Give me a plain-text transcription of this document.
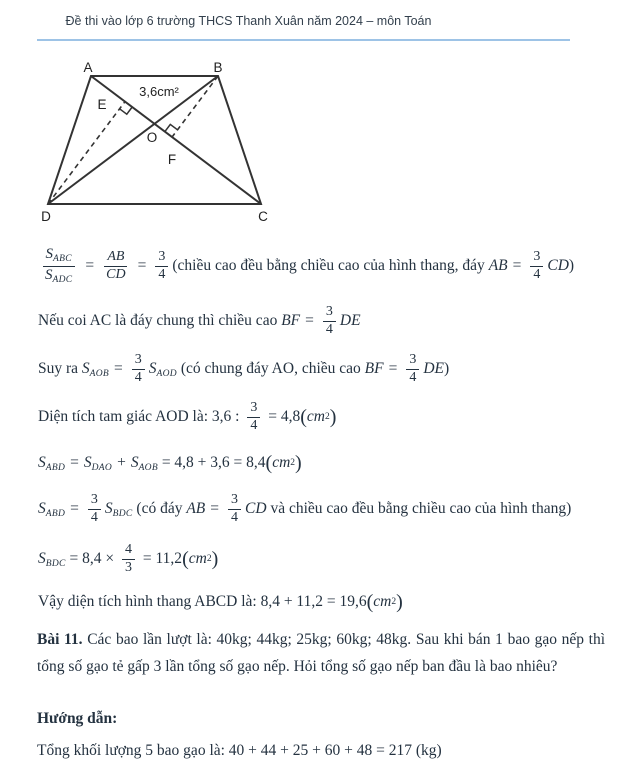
Đề thi vào lớp 6 trường THCS Thanh Xuân năm 2024 – môn Toán
A	B
C
D
O
E
F
3,6cm²
$\frac{S_{ABC}}{S_{ADC}} = \frac{AB}{CD} = \frac{3}{4}$ (chiều cao đều bằng chiều cao của hình thang, đáy AB = $\frac{3}{4}$ CD )
Nếu coi AC là đáy chung thì chiều cao BF = $\frac{3}{4}$ DE
Suy ra $S_{AOB} = \frac{3}{4} S_{AOD}$ (có chung đáy AO, chiều cao BF = $\frac{3}{4}$ DE )
Diện tích tam giác AOD là: 3,6 : $\frac{3}{4} = 4,8$ ( cm 2 )
$S_{ABD} = S_{DAO} + S_{AOB} = 4,8 + 3,6 = 8,4$ ( cm 2 )
$S_{ABD} = \frac{3}{4} S_{BDC}$ (có đáy AB = $\frac{3}{4}$ CD và chiều cao đều bằng chiều cao của hình thang)
$S_{BDC} = 8,4 \times \frac{4}{3} = 11,2$ ( cm 2 )
Vậy diện tích hình thang ABCD là: 8,4 + 11,2 = 19,6 ( cm 2 )

Bài 11. Các bao lần lượt là: 40kg; 44kg; 25kg; 60kg; 48kg. Sau khi bán 1 bao gạo nếp thì tổng số gạo tẻ gấp 3 lần tổng số gạo nếp. Hỏi tổng số gạo nếp ban đầu là bao nhiêu?

Hướng dẫn:

Tổng khối lượng 5 bao gạo là: 40 + 44 + 25 + 60 + 48 = 217 (kg)
